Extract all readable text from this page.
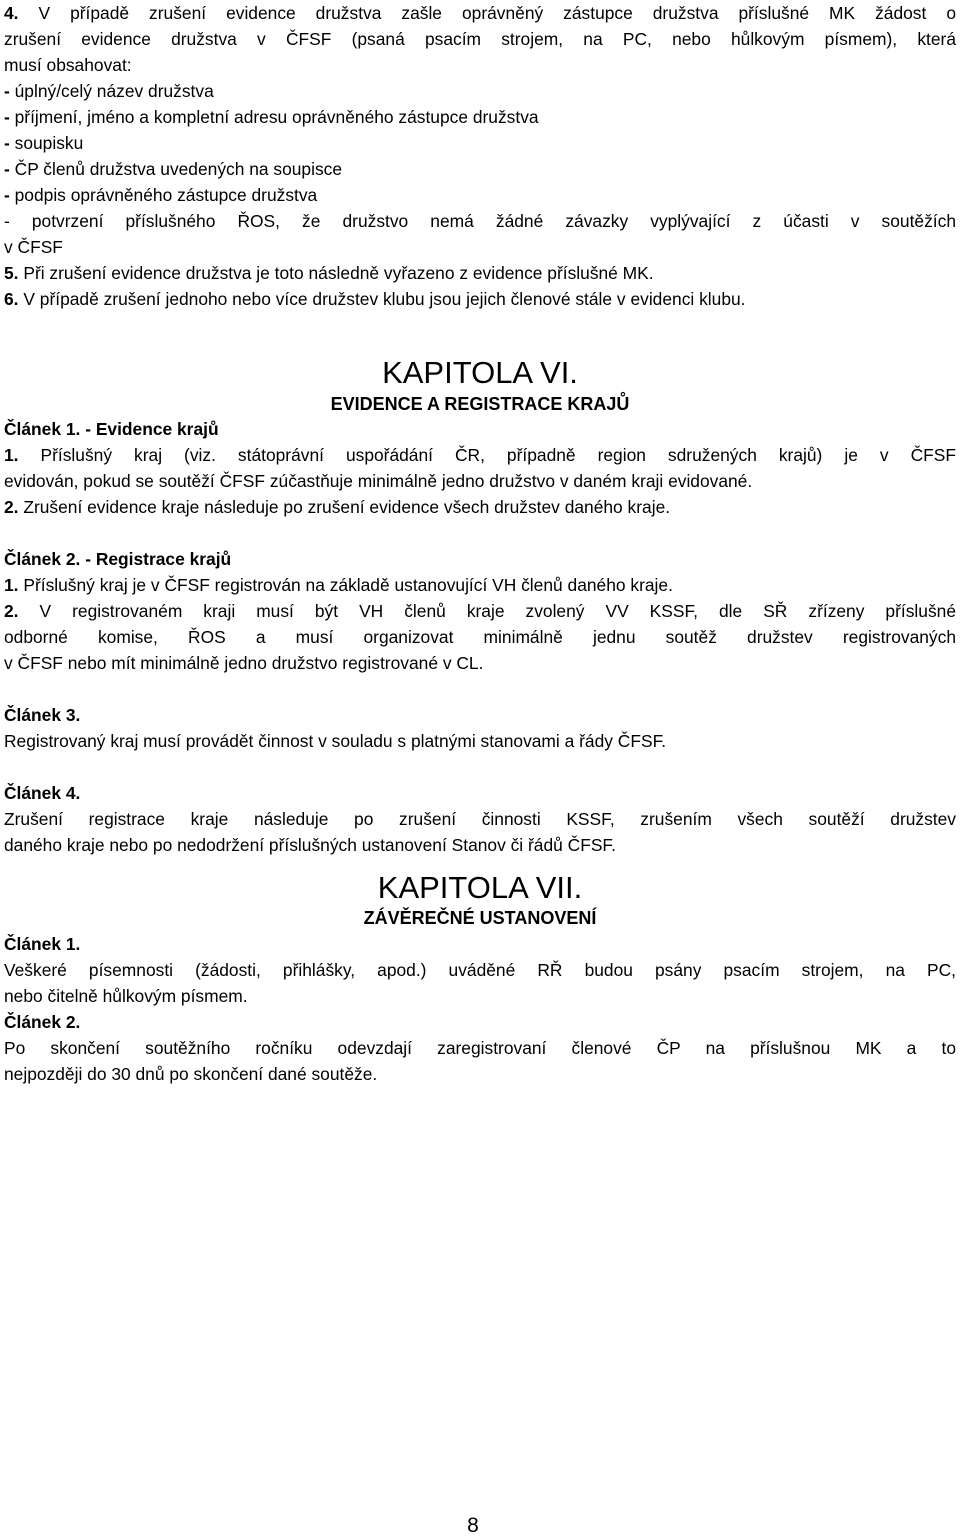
4. V případě zrušení evidence družstva zašle oprávněný zástupce družstva příslušné MK žádost o
zrušení evidence družstva v ČFSF (psaná psacím strojem, na PC, nebo hůlkovým písmem), která
musí obsahovat:
- úplný/celý název družstva
- příjmení, jméno a kompletní adresu oprávněného zástupce družstva
- soupisku
- ČP členů družstva uvedených na soupisce
- podpis oprávněného zástupce družstva
- potvrzení příslušného ŘOS, že družstvo nemá žádné závazky vyplývající z účasti v soutěžích
v ČFSF
5. Při zrušení evidence družstva je toto následně vyřazeno z evidence příslušné MK.
6. V případě zrušení jednoho nebo více družstev klubu jsou jejich členové stále v evidenci klubu.
KAPITOLA VI.
EVIDENCE A REGISTRACE KRAJŮ
Článek 1. - Evidence krajů
1. Příslušný kraj (viz. státoprávní uspořádání ČR, případně region sdružených krajů) je v ČFSF
evidován, pokud se soutěží ČFSF zúčastňuje minimálně jedno družstvo v daném kraji evidované.
2. Zrušení evidence kraje následuje po zrušení evidence všech družstev daného kraje.
Článek 2. - Registrace krajů
1. Příslušný kraj je v ČFSF registrován na základě ustanovující VH členů daného kraje.
2. V registrovaném kraji musí být VH členů kraje zvolený VV KSSF, dle SŘ zřízeny příslušné
odborné komise, ŘOS a musí organizovat minimálně jednu soutěž družstev registrovaných
v ČFSF nebo mít minimálně jedno družstvo registrované v CL.
Článek 3.
Registrovaný kraj musí provádět činnost v souladu s platnými stanovami a řády ČFSF.
Článek 4.
Zrušení registrace kraje následuje po zrušení činnosti KSSF, zrušením všech soutěží družstev
daného kraje nebo po nedodržení příslušných ustanovení Stanov či řádů ČFSF.
KAPITOLA VII.
ZÁVĚREČNÉ USTANOVENÍ
Článek 1.
Veškeré písemnosti (žádosti, přihlášky, apod.) uváděné RŘ budou psány psacím strojem, na PC,
nebo čitelně hůlkovým písmem.
Článek 2.
Po skončení soutěžního ročníku odevzdají zaregistrovaní členové ČP na příslušnou MK a to
nejpozději do 30 dnů po skončení dané soutěže.
8
